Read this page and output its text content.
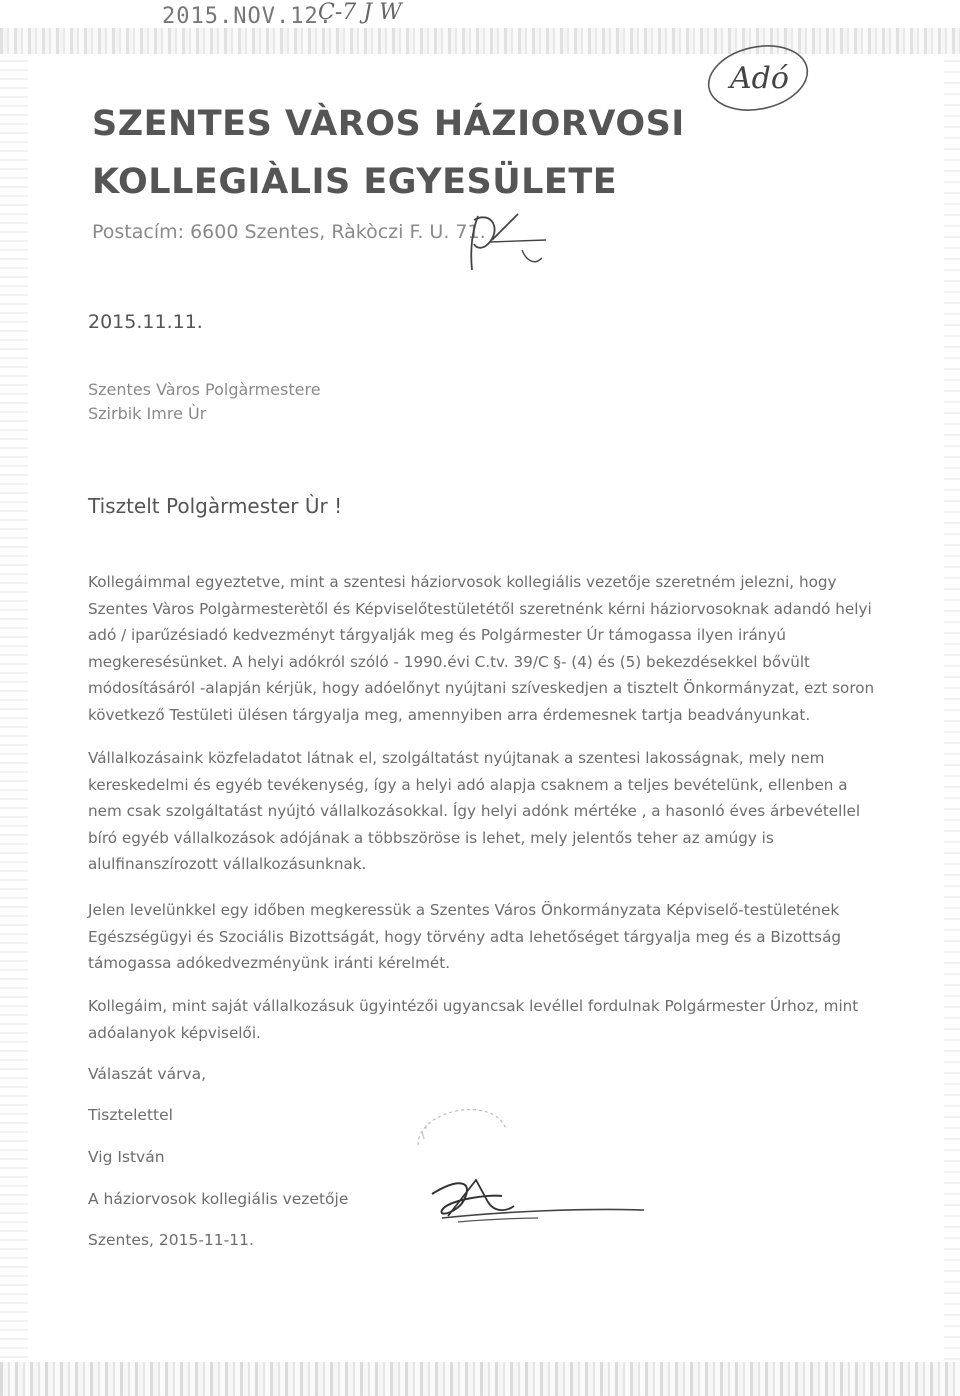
2015.NOV.12.
C-7 J W
Adó
SZENTES VÀROS HÁZIORVOSI
KOLLEGIÀLIS EGYESÜLETE
Postacím: 6600 Szentes, Ràkòczi F. U. 71.
2015.11.11.
Szentes Vàros Polgàrmestere
Szirbik Imre Ùr
Tisztelt Polgàrmester Ùr !

Kollegáimmal egyeztetve, mint a szentesi háziorvosok kollegiális vezetője szeretném jelezni, hogy Szentes Vàros Polgàrmesterètől és Képviselőtestületétől szeretnénk kérni háziorvosoknak adandó helyi adó / iparűzésiadó kedvezményt tárgyalják meg és Polgármester Úr támogassa ilyen irányú megkeresésünket. A helyi adókról szóló - 1990.évi C.tv. 39/C §- (4) és (5) bekezdésekkel bővült módosításáról -alapján kérjük, hogy adóelőnyt nyújtani szíveskedjen a tisztelt Önkormányzat, ezt soron következő Testületi ülésen tárgyalja meg, amennyiben arra érdemesnek tartja beadványunkat.

Vállalkozásaink közfeladatot látnak el, szolgáltatást nyújtanak a szentesi lakosságnak, mely nem kereskedelmi és egyéb tevékenység, így a helyi adó alapja csaknem a teljes bevételünk, ellenben a nem csak szolgáltatást nyújtó vállalkozásokkal. Így helyi adónk mértéke , a hasonló éves árbevétellel bíró egyéb vállalkozások adójának a többszöröse is lehet, mely jelentős teher az amúgy is alulfinanszírozott vállalkozásunknak.

Jelen levelünkkel egy időben megkeressük a Szentes Város Önkormányzata Képviselő-testületének Egészségügyi és Szociális Bizottságát, hogy törvény adta lehetőséget tárgyalja meg és a Bizottság támogassa adókedvezményünk iránti kérelmét.

Kollegáim, mint saját vállalkozásuk ügyintézői ugyancsak levéllel fordulnak Polgármester Úrhoz, mint adóalanyok képviselői.

Válaszát várva,
Tisztelettel
Vig István
A háziorvosok kollegiális vezetője
Szentes, 2015-11-11.
